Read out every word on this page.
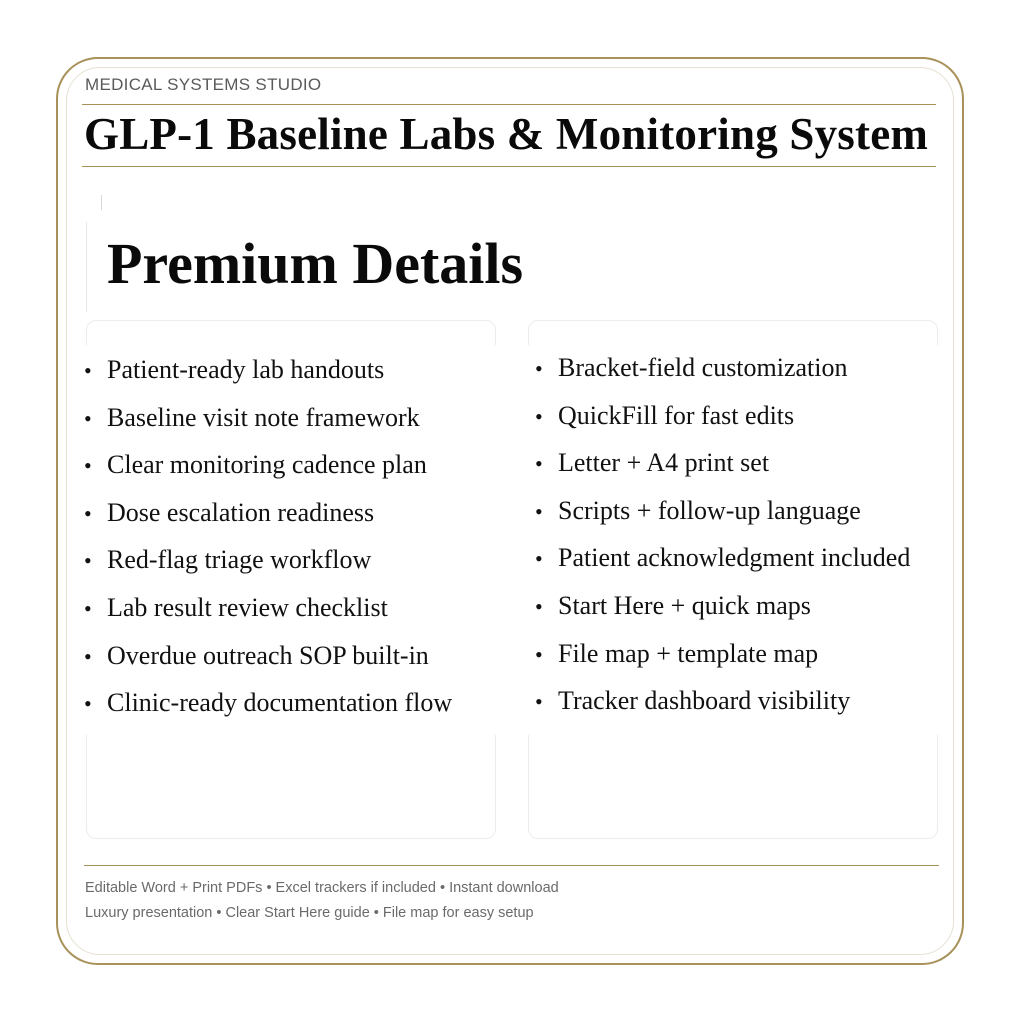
MEDICAL SYSTEMS STUDIO
GLP-1 Baseline Labs & Monitoring System
Premium Details
• Patient-ready lab handouts
• Baseline visit note framework
• Clear monitoring cadence plan
• Dose escalation readiness
• Red-flag triage workflow
• Lab result review checklist
• Overdue outreach SOP built-in
• Clinic-ready documentation flow
• Bracket-field customization
• QuickFill for fast edits
• Letter + A4 print set
• Scripts + follow-up language
• Patient acknowledgment included
• Start Here + quick maps
• File map + template map
• Tracker dashboard visibility
Editable Word + Print PDFs • Excel trackers if included • Instant download
Luxury presentation • Clear Start Here guide • File map for easy setup
